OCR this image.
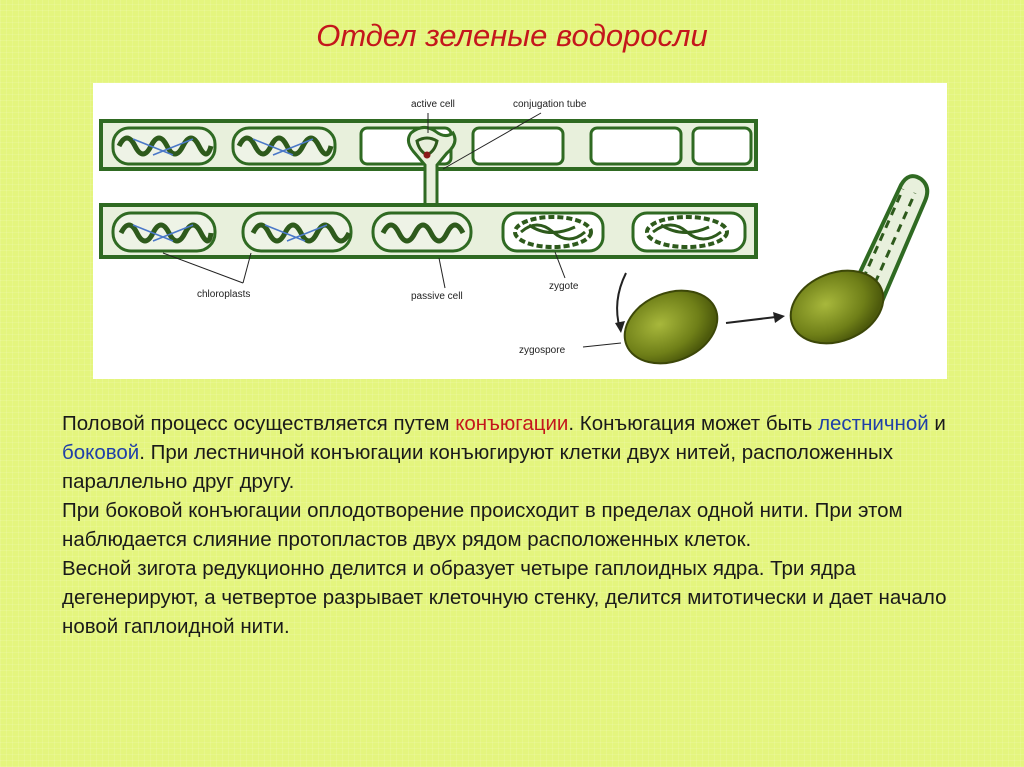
Отдел зеленые водоросли
active cell	conjugation tube
chloroplasts	passive cell
zygote
zygospore

Половой процесс осуществляется путем конъюгации. Конъюгация может быть лестничной и боковой. При лестничной конъюгации конъюгируют клетки двух нитей, расположенных параллельно друг другу.

При боковой конъюгации оплодотворение происходит в пределах одной нити. При этом наблюдается слияние протопластов двух рядом расположенных клеток.

Весной зигота редукционно делится и образует четыре гаплоидных ядра. Три ядра дегенерируют, а четвертое разрывает клеточную стенку, делится митотически и дает начало новой гаплоидной нити.
